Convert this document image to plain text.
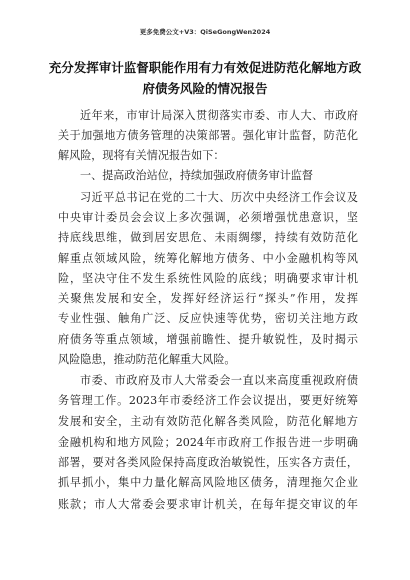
更多免费公文+V3：QiSeGongWen2024
充分发挥审计监督职能作用有力有效促进防范化解地方政
府债务风险的情况报告
近年来，市审计局深入贯彻落实市委、市人大、市政府
关于加强地方债务管理的决策部署。强化审计监督，防范化
解风险，现将有关情况报告如下：
一、提高政治站位，持续加强政府债务审计监督
习近平总书记在党的二十大、历次中央经济工作会议及
中央审计委员会会议上多次强调，必须增强忧患意识，坚
持底线思维，做到居安思危、未雨绸缪，持续有效防范化
解重点领域风险，统筹化解地方债务、中小金融机构等风
险，坚决守住不发生系统性风险的底线；明确要求审计机
关聚焦发展和安全，发挥好经济运行“探头”作用，发挥
专业性强、触角广泛、反应快速等优势，密切关注地方政
府债务等重点领域，增强前瞻性、提升敏锐性，及时揭示
风险隐患，推动防范化解重大风险。
市委、市政府及市人大常委会一直以来高度重视政府债
务管理工作。2023年市委经济工作会议提出，要更好统筹
发展和安全，主动有效防范化解各类风险，防范化解地方
金融机构和地方风险；2024年市政府工作报告进一步明确
部署，要对各类风险保持高度政治敏锐性，压实各方责任，
抓早抓小，集中力量化解高风险地区债务，清理拖欠企业
账款；市人大常委会要求审计机关，在每年提交审议的年
